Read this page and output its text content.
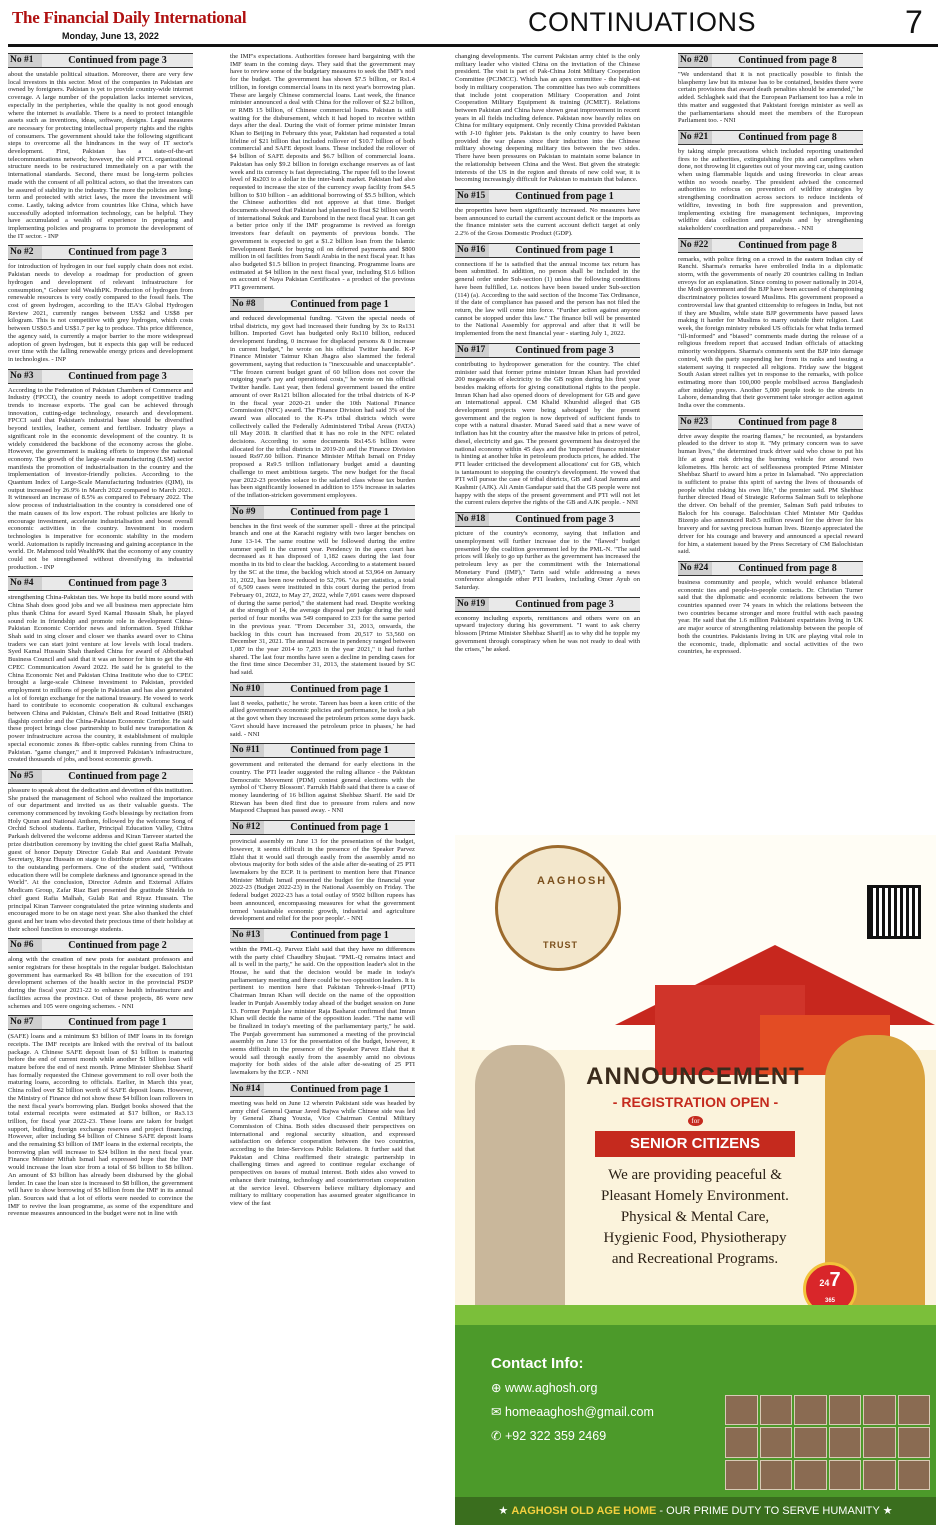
The Financial Daily International
Monday, June 13, 2022	CONTINUATIONS	7
No #1	Continued from page 3
about the unstable political situation. Moreover, there are very few local investors in this sector. Most of the companies in Pakistan are owned by foreigners. Pakistan is yet to provide country-wide internet coverage. A large number of the population lacks internet services, especially in the peripheries, while the quality is not good enough where the internet is available. There is a need to protect intangible assets such as inventions, ideas, software, designs. Legal measures are necessary for protecting intellectual property rights and the rights of consumers. The government should take the following significant steps to overcome all the hindrances in the way of IT sector's development. First, Pakistan has a state-of-the-art telecommunications network; however, the old PTCL organizational structure needs to be restructured immediately on a par with the international standards. Second, there must be long-term policies made with the consent of all political actors, so that the investors can be assured of stability in the industry. The more the policies are long-term and protected with strict laws, the more the investment will come. Lastly, taking advice from countries like China, which have successfully adopted information technology, can be helpful. They have accumulated a wealth of experience in preparing and implementing policies and programs to promote the development of the IT sector. - INP
No #2	Continued from page 3
for introduction of hydrogen in our fuel supply chain does not exist. Pakistan needs to develop a roadmap for production of green hydrogen and development of relevant infrastructure for consumption," Goheer told WealthPK. Production of hydrogen from renewable resources is very costly compared to the fossil fuels. The cost of green hydrogen, according to the IEA's Global Hydrogen Review 2021, currently ranges between US$2 and US$8 per kilogram. This is not competitive with grey hydrogen, which costs between US$0.5 and US$1.7 per kg to produce. This price difference, the agency said, is currently a major barrier to the more widespread adoption of green hydrogen, but it expects this gap will be reduced over time with the falling renewable energy prices and development in technologies. - INP
No #3	Continued from page 3
According to the Federation of Pakistan Chambers of Commerce and Industry (FPCCI), the country needs to adopt competitive trading trends to increase exports. The goal can be achieved through innovation, cutting-edge technology, research and development. FPCCI said that Pakistan's industrial base should be diversified beyond textiles, leather, cement and fertiliser. Industry plays a significant role in the economic development of the country. It is widely considered the backbone of the economy across the globe. However, the government is making efforts to improve the national economy. The growth of the large-scale manufacturing (LSM) sector manifests the promotion of industrialisation in the country and the implementation of investor-friendly policies. According to the Quantum Index of Large-Scale Manufacturing Industries (QIM), its output increased by 26.9% in March 2022 compared to March 2021. It witnessed an increase of 8.5% as compared to February 2022. The slow process of industrialisation in the country is considered one of the main causes of its low export. The robust policies are likely to encourage investment, accelerate industrialisation and boost overall economic activities in the country. Investment in modern technologies is imperative for economic stability in the modern world. Automation is rapidly increasing and gaining acceptance in the world. Dr. Mahmood told WealthPK that the economy of any country could not be strengthened without diversifying its industrial production. - INP
No #4	Continued from page 3
strengthening China-Pakistan ties. We hope its build more sound with China Shah does good jobs and we all business men appreciate him plus thank China for award Syed Kamal Hussain Shah, he played sound role in friendship and promote role in development China-Pakistan Economic Corridor news and information. Syed Iftikhar Shah said in sing closer and closer we thanks award over to China traders we can start joint venture at low levels with local traders. Syed Kamal Hussain Shah thanked China for award of Abbottabad Business Council and said that it was an honor for him to get the 4th CPEC Communication Award 2022. He said he is grateful to the China Economic Net and Pakistan China Institute who due to CPEC brought a large-scale Chinese investment to Pakistan, provided employment to millions of people in Pakistan and has also generated a lot of foreign exchange for the national treasury. He vowed to work hard to contribute to economic cooperation & cultural exchanges between China and Pakistan, China's Belt and Road Initiative (BRI) flagship corridor and the China-Pakistan Economic Corridor. He said these project brings close partnership to build new transportation & power infrastructure across the country, it establishment of multiple special economic zones & fiber-optic cables running from China to Pakistan. "game changer," and it improved Pakistan's infrastructure, created thousands of jobs, and boost economic growth.
No #5	Continued from page 2
pleasure to speak about the dedication and devotion of this institution. She praised the management of School who realized the importance of our department and invited us as their valuable guests. The ceremony commenced by invoking God's blessings by recitation from Holy Quran and National Anthem, followed by the welcome Song of Orchid School students. Earlier, Principal Education Valley, Chitra Parkash delivered the welcome address and Kiran Tanveer started the prize distribution ceremony by inviting the chief guest Rafia Malhah, guest of honor Deputy Director Gulab Rai and Assistant Private Secretary, Riyaz Hussain on stage to distribute prizes and certificates to the outstanding performers. One of the student said, "Without education there will be complete darkness and ignorance spread in the World". At the conclusion, Director Admin and External Affairs Medicam Group, Zafar Riaz Bari presented the gratitude Shields to chief guest Rafia Malhah, Gulab Rai and Riyaz Hussain. The principal Kiran Tanveer congratulated the prize winning students and encouraged more to be on stage next year. She also thanked the chief guest and her team who devoted their precious time of their holiday at their school function to encourage students.
No #6	Continued from page 2
along with the creation of new posts for assistant professors and senior registrars for these hospitals in the regular budget. Balochistan government has earmarked Rs 48 billion for the execution of 191 development schemes of the health sector in the provincial PSDP during the fiscal year 2021-22 to enhance health infrastructure and facilities across the province. Out of these projects, 86 were new schemes and 105 were ongoing schemes. - NNI
No #7	Continued from page 1
(SAFE) loans and a minimum $3 billion of IMF loans in its foreign receipts. The IMF receipts are linked with the revival of its bailout package. A Chinese SAFE deposit loan of $1 billion is maturing before the end of current month while another $1 billion loan will mature before the end of next month. Prime Minister Shehbaz Sharif has formally requested the Chinese government to roll over both the maturing loans, according to officials. Earlier, in March this year, China rolled over $2 billion worth of SAFE deposit loans. However, the Ministry of Finance did not show these $4 billion loan rollovers in the next fiscal year's borrowing plan. Budget books showed that the total external receipts were estimated at $17 billion, or Rs3.13 trillion, for fiscal year 2022-23. These loans are taken for budget support, building foreign exchange reserves and project financing. However, after including $4 billion of Chinese SAFE deposit loans and the remaining $3 billion of IMF loans in the external receipts, the borrowing plan will increase to $24 billion in the next fiscal year. Finance Minister Miftah Ismail had expressed hope that the IMF would increase the loan size from a total of $6 billion to $8 billion. An amount of $3 billion has already been disbursed by the global lender. In case the loan size is increased to $8 billion, the government will have to show borrowing of $5 billion from the IMF in its annual plan. Sources said that a lot of efforts were needed to convince the IMF to revive the loan programme, as some of the expenditure and revenue measures announced in the budget were not in line with
the IMF's expectations. Authorities foresee hard bargaining with the IMF team in the coming days. They said that the government may have to review some of the budgetary measures to seek the IMF's nod for the budget. The government has shown $7.5 billion, or Rs1.4 trillion, in foreign commercial loans in its next year's borrowing plan. These are largely Chinese commercial loans. Last week, the finance minister announced a deal with China for the rollover of $2.2 billion, or RMB 15 billion, of Chinese commercial loans. Pakistan is still waiting for the disbursement, which it had hoped to receive within days after the deal. During the visit of former prime minister Imran Khan to Beijing in February this year, Pakistan had requested a total lifeline of $21 billion that included rollover of $10.7 billion of both commercial and SAFE deposit loans. These included the rollover of $4 billion of SAFE deposits and $6.7 billion of commercial loans. Pakistan has only $9.2 billion in foreign exchange reserves as of last week and its currency is fast depreciating. The rupee fell to the lowest level of Rs203 to a dollar in the inter-bank market. Pakistan had also requested to increase the size of the currency swap facility from $4.5 billion to $10 billion - an additional borrowing of $5.5 billion, which the Chinese authorities did not approve at that time. Budget documents showed that Pakistan had planned to float $2 billion worth of international Sukuk and Eurobond in the next fiscal year. It can get a better price only if the IMF programme is revived as foreign investors fear default on payments of previous bonds. The government is expected to get a $1.2 billion loan from the Islamic Development Bank for buying oil on deferred payments and $800 million in oil facilities from Saudi Arabia in the next fiscal year. It has also budgeted $1.5 billion in project financing. Programme loans are estimated at $4 billion in the next fiscal year, including $1.6 billion on account of Naya Pakistan Certificates - a product of the previous PTI government.
No #8	Continued from page 1
and reduced developmental funding. "Given the special needs of tribal districts, my govt had increased their funding by 3x to Rs131 billion. Imported Govt has budgeted only Rs110 billion, reduced development funding, 0 increase for displaced persons & 0 increase in current budget," he wrote on his official Twitter handle. K-P Finance Minister Taimur Khan Jhagra also slammed the federal government, saying that reduction is "inexcusable and unacceptable". "The frozen current budget grant of 60 billion does not cover the outgoing year's pay and operational costs," he wrote on his official Twitter handle. Last year, then federal government issued the entire amount of over Rs121 billion allocated for the tribal districts of K-P in the fiscal year 2020-21 under the 10th National Finance Commission (NFC) award. The Finance Division had said 3% of the award was allocated to the K-P's tribal districts which were collectively called the Federally Administered Tribal Areas (FATA) till May 2018. It clarified that it has no role in the NFC related decisions. According to some documents Rs145.6 billion were allocated for the tribal districts in 2019-20 and the Finance Division issued Rs97.60 billion. Finance Minister Miftah Ismail on Friday proposed a Rs9.5 trillion inflationary budget amid a daunting challenge to meet ambitious targets. The new budget for the fiscal year 2022-23 provides solace to the salaried class whose tax burden has been significantly loosened in addition to 15% increase in salaries of the inflation-stricken government employees.
No #9	Continued from page 1
benches in the first week of the summer spell - three at the principal branch and one at the Karachi registry with two larger benches on June 13-14. The same routine will be followed during the entire summer spell in the current year. Pendency in the apex court has decreased as it has disposed of 1,182 cases during the last four months in its bid to clear the backlog. According to a statement issued by the SC at the time, the backlog which stood at 53,964 on January 31, 2022, has been now reduced to 52,796. "As per statistics, a total of 6,509 cases were instituted in this court during the period from February 01, 2022, to May 27, 2022, while 7,691 cases were disposed of during the same period," the statement had read. Despite working at the strength of 14, the average disposal per judge during the said period of four months was 549 compared to 233 for the same period in the previous year. "From December 31, 2013, onwards, the backlog in this court has increased from 20,517 to 53,560 on December 31, 2021. The annual increase in pendency ranged between 1,087 in the year 2014 to 7,203 in the year 2021," it had further shared. The last four months have seen a decline in pending cases for the first time since December 31, 2013, the statement issued by SC had said.
No #10	Continued from page 1
last 8 weeks, pathetic,' he wrote. Tareen has been a keen critic of the allied government's economic policies and performance, he took a jab at the govt when they increased the petroleum prices some days back. 'Govt should have increased the petroleum price in phases,' he had said. - NNI
No #11	Continued from page 1
government and reiterated the demand for early elections in the country. The PTI leader suggested the ruling alliance - the Pakistan Democratic Movement (PDM) contest general elections with the symbol of 'Cherry Blossom'. Farrukh Habib said that there is a case of money laundering of 16 billion against Shehbaz Sharif. He said Dr Rizwan has been died first due to pressure from rulers and now Maqsood Chaprasi has passed away. - NNI
No #12	Continued from page 1
provincial assembly on June 13 for the presentation of the budget, however, it seems difficult in the presence of the Speaker Parvez Elahi that it would sail through easily from the assembly amid no obvious majority for both sides of the aisle after de-seating of 25 PTI lawmakers by the ECP. It is pertinent to mention here that Finance Minister Miftah Ismail presented the budget for the financial year 2022-23 (Budget 2022-23) in the National Assembly on Friday. The federal budget 2022-23 has a total outlay of 9502 billion rupees has been announced, encompassing measures for what the government termed 'sustainable economic growth, industrial and agriculture development and relief for the poor people'. - NNI
No #13	Continued from page 1
within the PML-Q. Parvez Elahi said that they have no differences with the party chief Chaudhry Shujaat. "PML-Q remains intact and all is well in the party," he said. On the opposition leader's slot in the House, he said that the decision would be made in today's parliamentary meeting and there could be two opposition leaders. It is pertinent to mention here that Pakistan Tehreek-i-Insaf (PTI) Chairman Imran Khan will decide on the name of the opposition leader in Punjab Assembly today ahead of the budget session on June 13. Former Punjab law minister Raja Basharat confirmed that Imran Khan will decide the name of the opposition leader. "The name will be finalized in today's meeting of the parliamentary party," he said. The Punjab government has summoned a meeting of the provincial assembly on June 13 for the presentation of the budget, however, it seems difficult in the presence of the Speaker Parvez Elahi that it would sail through easily from the assembly amid no obvious majority for both sides of the aisle after de-seating of 25 PTI lawmakers by the ECP. - NNI
No #14	Continued from page 1
meeting was held on June 12 wherein Pakistani side was headed by army chief General Qamar Javed Bajwa while Chinese side was led by General Zhang Youxia, Vice Chairman Central Military Commission of China. Both sides discussed their perspectives on international and regional security situation, and expressed satisfaction on defence cooperation between the two countries, according to the Inter-Services Public Relations. It further said that Pakistan and China reaffirmed their strategic partnership in challenging times and agreed to continue regular exchange of perspectives on issues of mutual interest. Both sides also vowed to enhance their training, technology and counterterrorism cooperation at the service level. Observers believe military diplomacy and military to military cooperation has assumed greater significance in view of the fast
changing developments. The current Pakistan army chief is the only military leader who visited China on the invitation of the Chinese president. The visit is part of Pak-China Joint Military Cooperation Committee (PCJMCC). Which has an apex committee - the high-est body in military cooperation. The committee has two sub committees that include joint cooperation Military Cooperation and Joint Cooperation Military Equipment & training (JCMET). Relations between Pakistan and China have shown great improvement in recent years in all fields including defence. Pakistan now heavily relies on China for military equipment. Only recently China provided Pakistan with J-10 fighter jets. Pakistan is the only country to have been provided the war planes since their induction into the Chinese military showing deepening military ties between the two sides. There have been pressures on Pakistan to maintain some balance in the relationship between China and the West. But given the strategic interests of the US in the region and threats of new cold war, it is becoming increasingly difficult for Pakistan to maintain that balance.
No #15	Continued from page 1
the properties have been significantly increased. No measures have been announced to curtail the current account deficit or the imports as the finance minister sets the current account deficit target at only 2.2% of the Gross Domestic Product (GDP).
No #16	Continued from page 1
connections if he is satisfied that the annual income tax return has been submitted. In addition, no person shall be included in the general order under Sub-section (1) unless the following conditions have been fulfilled, i.e. notices have been issued under Sub-section (114) (a). According to the said section of the Income Tax Ordinance, if the date of compliance has passed and the person has not filed the return, the law will come into force. "Further action against anyone cannot be stopped under this law." The finance bill will be presented to the National Assembly for approval and after that it will be implemented from the next financial year - starting July 1, 2022.
No #17	Continued from page 3
contributing to hydropower generation for the country. The chief minister said that former prime minister Imran Khan had provided 200 megawatts of electricity to the GB region during his first year besides making efforts for giving constitutional rights to the people. Imran Khan had also opened doors of development for GB and gave an international appeal. CM Khalid Khurshid alleged that GB development projects were being sabotaged by the present government and the region is now deprived of sufficient funds to cope with a natural disaster. Murad Saeed said that a new wave of inflation has hit the country after the massive hike in prices of petrol, diesel, electricity and gas. The present government has destroyed the national economy within 45 days and the 'imported' finance minister is hinting at another hike in petroleum products prices, he added. The PTI leader criticised the development allocations' cut for GB, which is tantamount to stopping the country's development. He vowed that PTI will pursue the case of tribal districts, GB and Azad Jammu and Kashmir (AJK). Ali Amin Gandapur said that the GB people were not happy with the steps of the present government and PTI will not let the current rulers deprive the rights of the GB and AJK people. - NNI
No #18	Continued from page 3
picture of the country's economy, saying that inflation and unemployment will further increase due to the "flawed" budget presented by the coalition government led by the PML-N. "The said prices will likely to go up further as the government has increased the petroleum levy as per the commitment with the International Monetary Fund (IMF)," Tarin said while addressing a news conference alongside other PTI leaders, including Omer Ayub on Saturday.
No #19	Continued from page 3
economy including exports, remittances and others were on an upward trajectory during his government. "I want to ask cherry blossom [Prime Minister Shehbaz Sharif] as to why did he topple my government through conspiracy when he was not ready to deal with the crises," he asked.
No #20	Continued from page 8
"We understand that it is not practically possible to finish the blasphemy law but its misuse has to be contained, besides there were certain provisions that award death penalties should be amended," he added. Schlaghek said that the European Parliament too has a role in this matter and suggested that Pakistani foreign minister as well as the parliamentarians should meet the members of the European Parliament too. - NNI
No #21	Continued from page 8
by taking simple precautions which included reporting unattended fires to the authorities, extinguishing fire pits and campfires when done, not throwing lit cigarettes out of your moving car, using caution when using flammable liquids and using fireworks in clear areas within no woods nearby. The president advised the concerned authorities to refocus on prevention of wildfire strategies by strengthening coordination across sectors to reduce incidents of wildfire, investing in both fire suppression and prevention, implementing existing fire management techniques, improving wildfire data collection and analysis and by strengthening stakeholders' coordination and preparedness. - NNI
No #22	Continued from page 8
remarks, with police firing on a crowd in the eastern Indian city of Ranchi. Sharma's remarks have embroiled India in a diplomatic storm, with the governments of nearly 20 countries calling in Indian envoys for an explanation. Since coming to power nationally in 2014, the Modi government and the BJP have been accused of championing discriminatory policies toward Muslims. His government proposed a controversial law that granted citizenship to refugees in India, but not if they are Muslim, while state BJP governments have passed laws making it harder for Muslims to marry outside their religion. Last week, the foreign ministry rebuked US officials for what India termed "ill-informed" and "biased" comments made during the release of a religious freedom report that accused Indian officials of attacking minority worshippers. Sharma's comments sent the BJP into damage control, with the party suspending her from its ranks and issuing a statement saying it respected all religions. Friday saw the biggest South Asian street rallies yet in response to the remarks, with police estimating more than 100,000 people mobilised across Bangladesh after midday prayers. Another 5,000 people took to the streets in Lahore, demanding that their government take stronger action against India over the comments.
No #23	Continued from page 8
drive away despite the roaring flames," he recounted, as bystanders pleaded to the driver to stop it. "My primary concern was to save human lives," the determined truck driver said who chose to put his life at great risk driving the burning vehicle for around two kilometres. His heroic act of selflessness prompted Prime Minister Shehbaz Sharif to award him a prize in Islamabad. "No appreciation is sufficient to praise this spirit of saving the lives of thousands of people whilst risking his own life," the premier said. PM Shehbaz further directed Head of Strategic Reforms Salman Sufi to telephone the driver. On behalf of the premier, Salman Sufi paid tributes to Baloch for his courage. Balochistan Chief Minister Mir Quddus Bizenjo also announced Rs0.5 million reward for the driver for his bravery and for saving precious human lives. Bizenjo appreciated the driver for his courage and bravery and announced a special reward for him, a statement issued by the Press Secretary of CM Balochistan said.
No #24	Continued from page 8
business community and people, which would enhance bilateral economic ties and people-to-people contacts. Dr. Christian Turner said that the diplomatic and economic relations between the two countries spanned over 74 years in which the relations between the two countries became stronger and more fruitful with each passing year. He said that the 1.6 million Pakistani expatriates living in UK are major source of strengthening relationship between the people of both the countries. Pakistanis living in UK are playing vital role in the economic, trade, diplomatic and social activities of the two countries, he expressed.
AAGHOSH
TRUST
ANNOUNCEMENT
- REGISTRATION OPEN -
for
SENIOR CITIZENS
We are providing peaceful &
Pleasant Homely Environment.
Physical & Mental Care,
Hygienic Food, Physiotherapy
and Recreational Programs.
247
365
Contact Info:
⊕ www.aghosh.org
✉ homeaaghosh@gmail.com
✆ +92 322 359 2469
★ AAGHOSH OLD AGE HOME - OUR PRIME DUTY TO SERVE HUMANITY ★
